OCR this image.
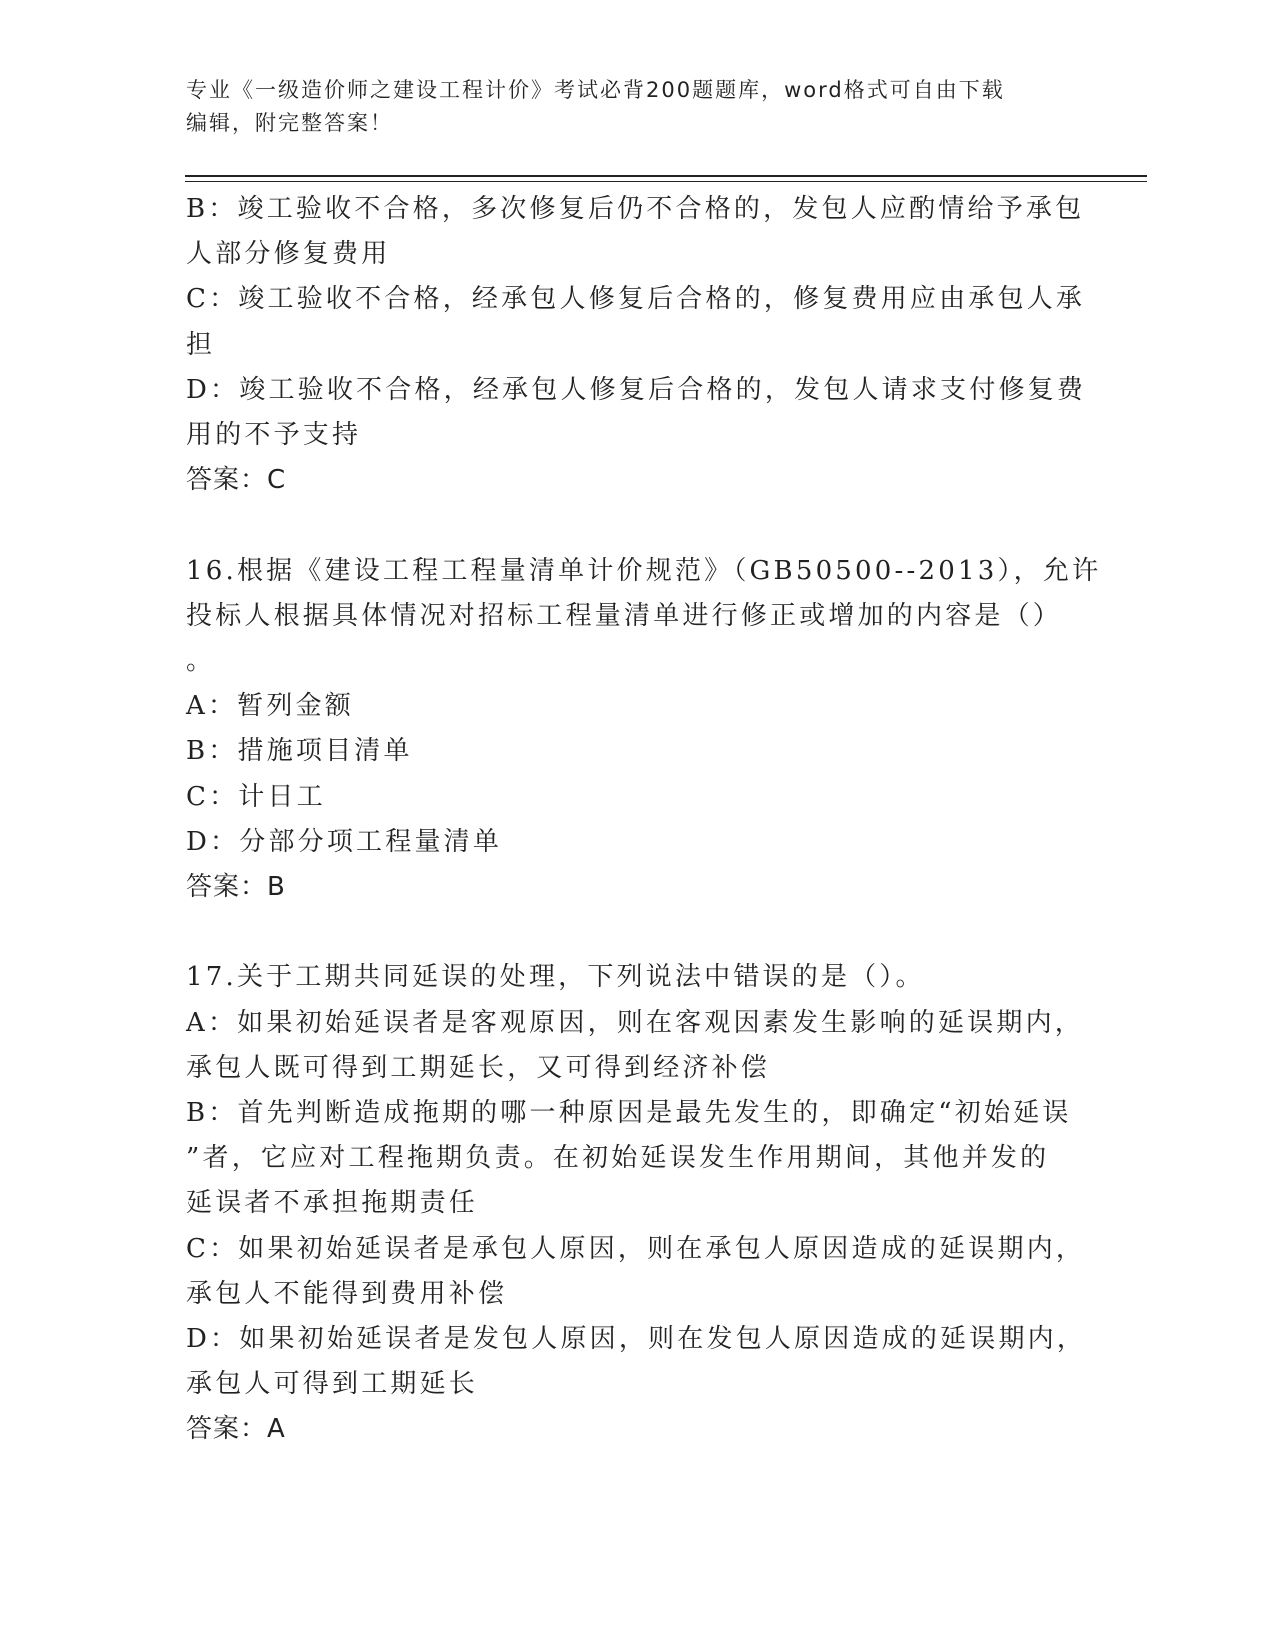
专业《一级造价师之建设工程计价》考试必背200题题库，word格式可自由下载
编辑，附完整答案！
B：竣工验收不合格，多次修复后仍不合格的，发包人应酌情给予承包
人部分修复费用
C：竣工验收不合格，经承包人修复后合格的，修复费用应由承包人承
担
D：竣工验收不合格，经承包人修复后合格的，发包人请求支付修复费
用的不予支持
答案：C
16.根据《建设工程工程量清单计价规范》（GB50500--2013），允许
投标人根据具体情况对招标工程量清单进行修正或增加的内容是（）
。
A：暂列金额
B：措施项目清单
C：计日工
D：分部分项工程量清单
答案：B
17.关于工期共同延误的处理，下列说法中错误的是（）。
A：如果初始延误者是客观原因，则在客观因素发生影响的延误期内，
承包人既可得到工期延长，又可得到经济补偿
B：首先判断造成拖期的哪一种原因是最先发生的，即确定“初始延误
”者，它应对工程拖期负责。在初始延误发生作用期间，其他并发的
延误者不承担拖期责任
C：如果初始延误者是承包人原因，则在承包人原因造成的延误期内，
承包人不能得到费用补偿
D：如果初始延误者是发包人原因，则在发包人原因造成的延误期内，
承包人可得到工期延长
答案：A
